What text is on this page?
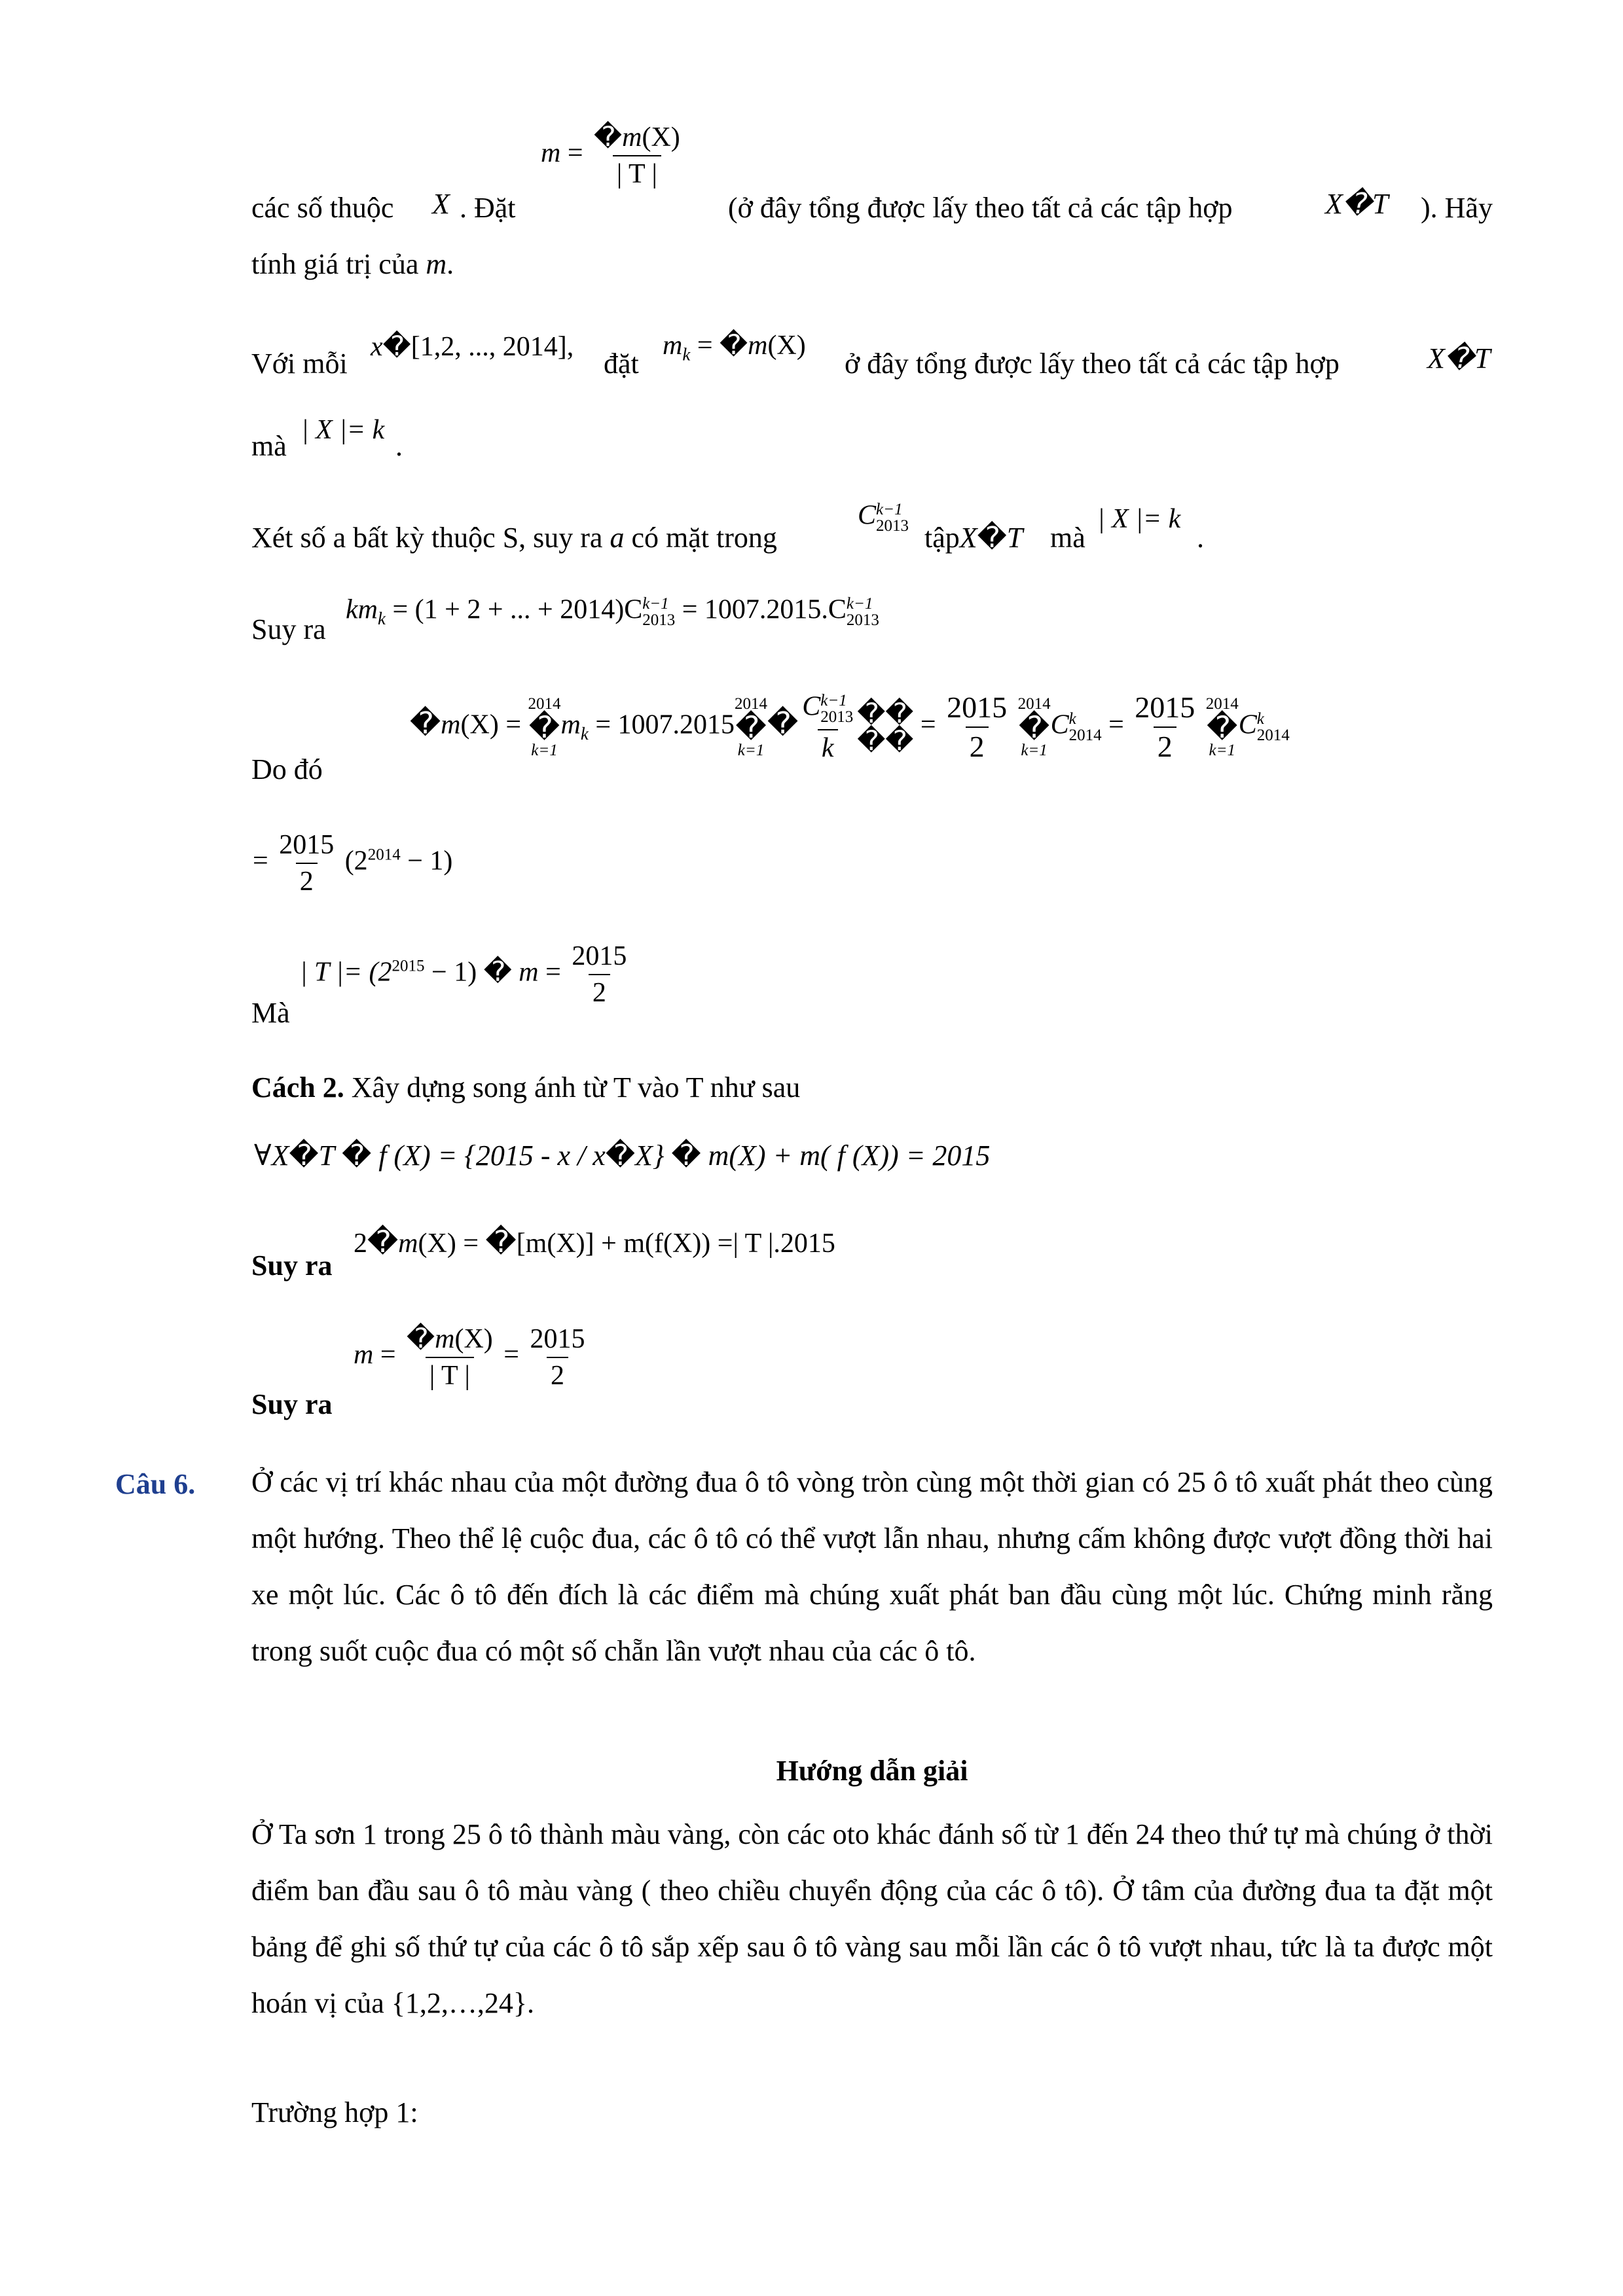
các số thuộc X . Đặt
$m = \frac{�m(X)}{| T |}$
(ở đây tổng được lấy theo tất cả các tập hợp	X�T ). Hãy
tính giá trị của m.
Với mỗi
x�[1,2, ..., 2014],
đặt
$m_k$ = �m(X)
ở đây tổng được lấy theo tất cả các tập hợp	X�T
mà | X |= k .
Xét số a bất kỳ thuộc S, suy ra a có mặt trong
C k−1
2013 tậpX�T mà
| X |= k
.
Suy ra
$km_k = (1 + 2$ + ... + 2014)C k−1
2013 = 1007.2015.C k−1
2013
Do đó
�m(X) =
2014
�
k=1
$m_k = 1007.2015$
2014
�
k=1
� C k−1
2013
k �
�
�
� = $\frac{2015}{2}$
2014
�
k=1
C k
$2014 = \frac{2015}{2}$
2014
�
k=1
C k
2014
= $\frac{2015}{2} (2^{2014} - 1)$
Mà
| T |= $(2^{2015} - 1)$ � $m = \frac{2015}{2}$
Cách 2. Xây dựng song ánh từ T vào T như sau
∀X�T � f (X) = {2015 - x / x�X} � m(X) + m( f (X)) = 2015
Suy ra
2�m(X) = �[m(X)] + m(f(X)) =| T |.2015
Suy ra
$m = \frac{�m(X)}{| T |} = \frac{2015}{2}$
Câu 6. Ở các vị trí khác nhau của một đường đua ô tô vòng tròn cùng một thời gian có 25 ô tô xuất phát theo cùng một hướng. Theo thể lệ cuộc đua, các ô tô có thể vượt lẫn nhau, nhưng cấm không được vượt đồng thời hai xe một lúc. Các ô tô đến đích là các điểm mà chúng xuất phát ban đầu cùng một lúc. Chứng minh rằng trong suốt cuộc đua có một số chẵn lần vượt nhau của các ô tô.
Hướng dẫn giải
Ở Ta sơn 1 trong 25 ô tô thành màu vàng, còn các oto khác đánh số từ 1 đến 24 theo thứ tự mà chúng ở thời điểm ban đầu sau ô tô màu vàng ( theo chiều chuyển động của các ô tô). Ở tâm của đường đua ta đặt một bảng để ghi số thứ tự của các ô tô sắp xếp sau ô tô vàng sau mỗi lần các ô tô vượt nhau, tức là ta được một hoán vị của {1,2,…,24}.
Trường hợp 1:
